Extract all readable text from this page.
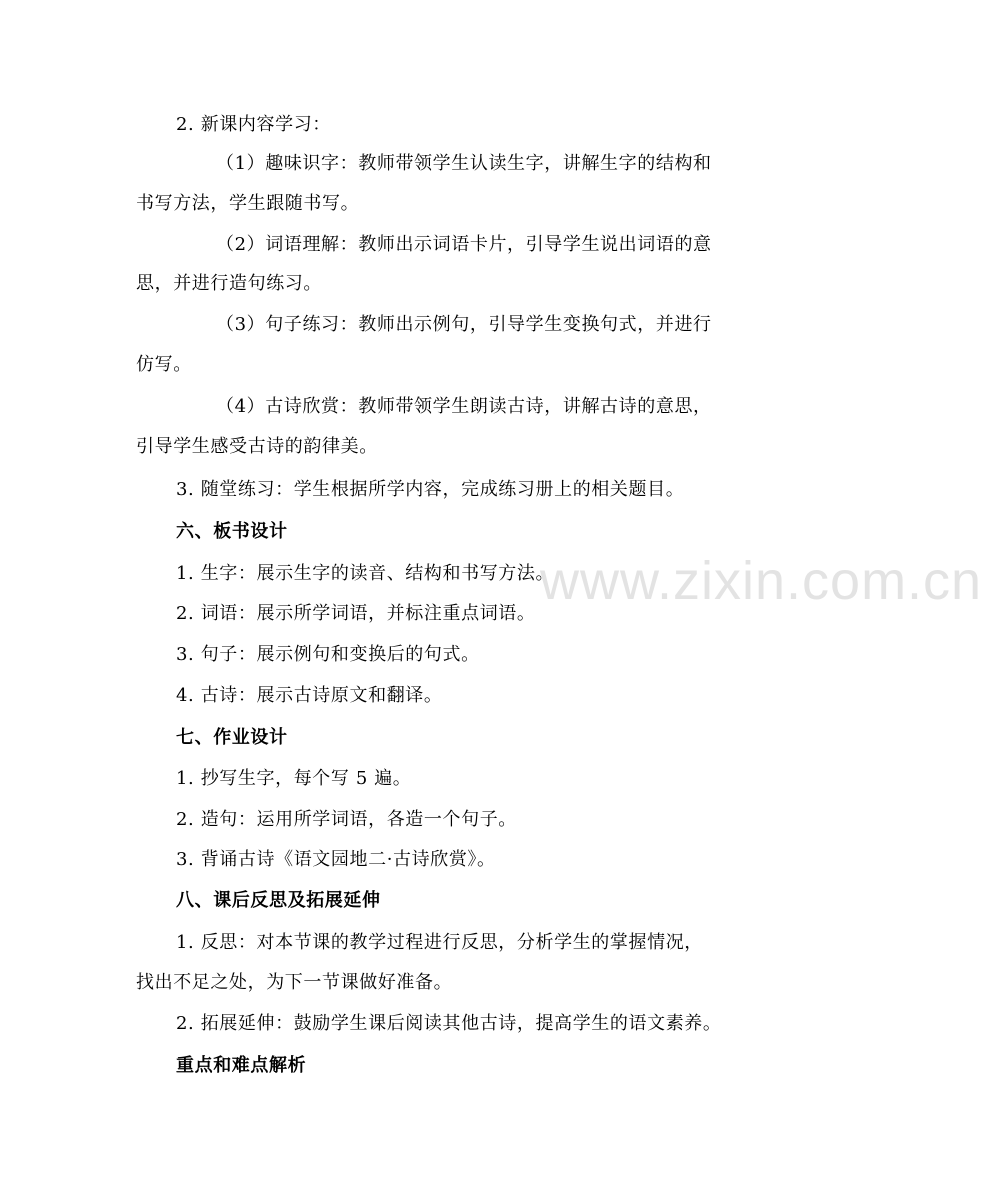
www.zixin.com.cn
2. 新课内容学习：
（1）趣味识字：教师带领学生认读生字，讲解生字的结构和
书写方法，学生跟随书写。
（2）词语理解：教师出示词语卡片，引导学生说出词语的意
思，并进行造句练习。
（3）句子练习：教师出示例句，引导学生变换句式，并进行
仿写。
（4）古诗欣赏：教师带领学生朗读古诗，讲解古诗的意思，
引导学生感受古诗的韵律美。
3. 随堂练习：学生根据所学内容，完成练习册上的相关题目。
六、板书设计
1. 生字：展示生字的读音、结构和书写方法。
2. 词语：展示所学词语，并标注重点词语。
3. 句子：展示例句和变换后的句式。
4. 古诗：展示古诗原文和翻译。
七、作业设计
1. 抄写生字，每个写 5 遍。
2. 造句：运用所学词语，各造一个句子。
3. 背诵古诗《语文园地二·古诗欣赏》。
八、课后反思及拓展延伸
1. 反思：对本节课的教学过程进行反思，分析学生的掌握情况，
找出不足之处，为下一节课做好准备。
2. 拓展延伸：鼓励学生课后阅读其他古诗，提高学生的语文素养。
重点和难点解析
